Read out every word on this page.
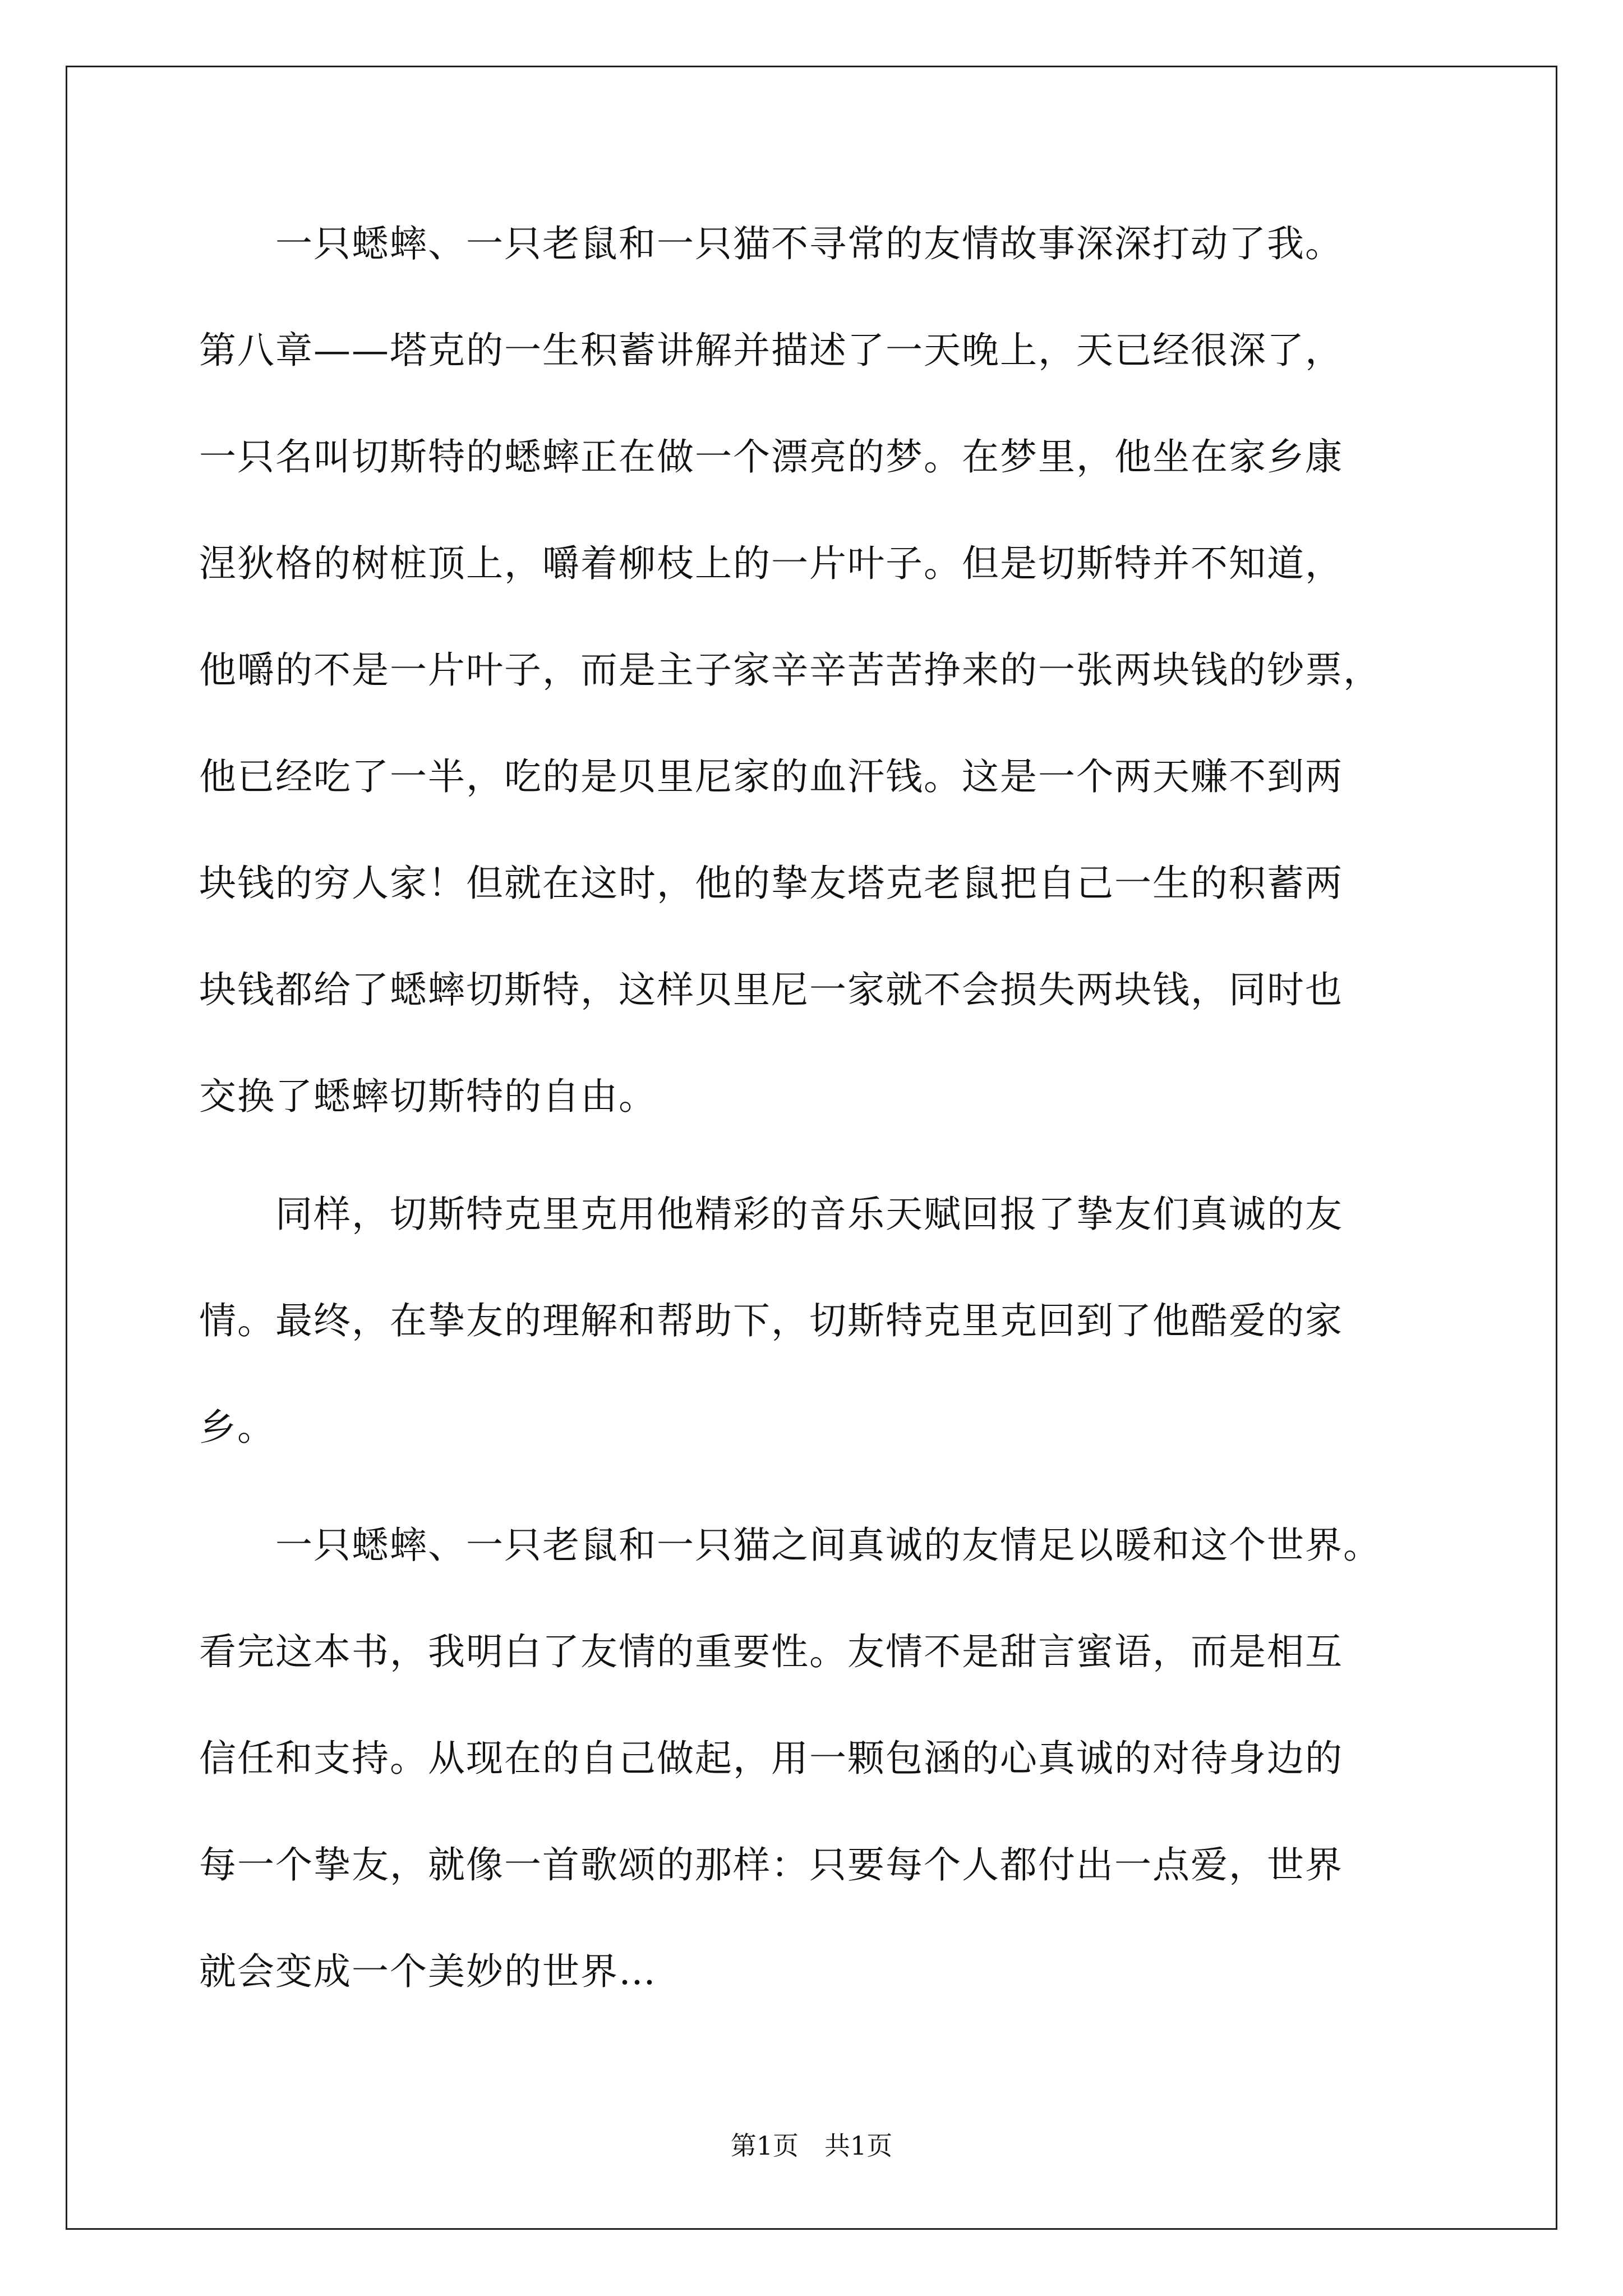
　　一只蟋蟀、一只老鼠和一只猫不寻常的友情故事深深打动了我。
第八章——塔克的一生积蓄讲解并描述了一天晚上，天已经很深了，
一只名叫切斯特的蟋蟀正在做一个漂亮的梦。在梦里，他坐在家乡康
涅狄格的树桩顶上，嚼着柳枝上的一片叶子。但是切斯特并不知道，
他嚼的不是一片叶子，而是主子家辛辛苦苦挣来的一张两块钱的钞票，
他已经吃了一半，吃的是贝里尼家的血汗钱。这是一个两天赚不到两
块钱的穷人家！但就在这时，他的挚友塔克老鼠把自己一生的积蓄两
块钱都给了蟋蟀切斯特，这样贝里尼一家就不会损失两块钱，同时也
交换了蟋蟀切斯特的自由。
　　同样，切斯特克里克用他精彩的音乐天赋回报了挚友们真诚的友
情。最终，在挚友的理解和帮助下，切斯特克里克回到了他酷爱的家
乡。
　　一只蟋蟀、一只老鼠和一只猫之间真诚的友情足以暖和这个世界。
看完这本书，我明白了友情的重要性。友情不是甜言蜜语，而是相互
信任和支持。从现在的自己做起，用一颗包涵的心真诚的对待身边的
每一个挚友，就像一首歌颂的那样：只要每个人都付出一点爱，世界
就会变成一个美妙的世界…
第1页　共1页
